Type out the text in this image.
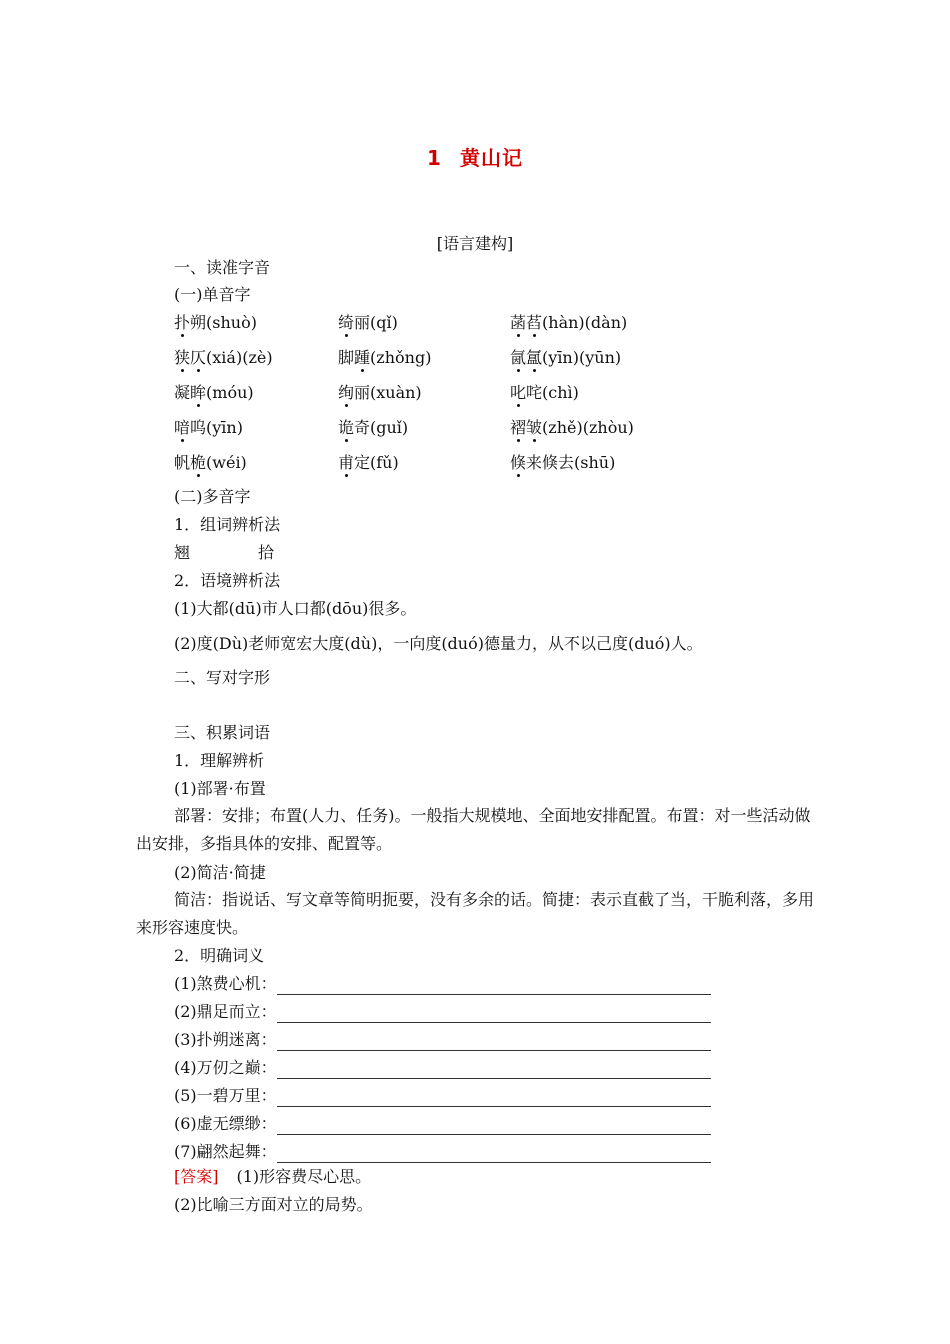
1 黄山记
[语言建构]
一、读准字音
(一)单音字
扑朔(shuò)	绮丽(qǐ)	菡萏(hàn)(dàn)
狭仄(xiá)(zè)	脚踵(zhǒng)	氤氲(yīn)(yūn)
凝眸(móu)	绚丽(xuàn)	叱咤(chì)
喑呜(yīn)	诡奇(guǐ)	褶皱(zhě)(zhòu)
帆桅(wéi)	甫定(fǔ)	倏来倏去(shū)
(二)多音字
1．组词辨析法
翘	拾
2．语境辨析法
(1)大都(dū)市人口都(dōu)很多。
(2)度(Dù)老师宽宏大度(dù)，一向度(duó)德量力，从不以己度(duó)人。
二、写对字形
三、积累词语
1．理解辨析
(1)部署·布置
部署：安排；布置(人力、任务)。一般指大规模地、全面地安排配置。布置：对一些活动做出安排，多指具体的安排、配置等。
(2)简洁·简捷
简洁：指说话、写文章等简明扼要，没有多余的话。简捷：表示直截了当，干脆利落，多用来形容速度快。
2．明确词义
(1)煞费心机：
(2)鼎足而立：
(3)扑朔迷离：
(4)万仞之巅：
(5)一碧万里：
(6)虚无缥缈：
(7)翩然起舞：
[答案] (1)形容费尽心思。
(2)比喻三方面对立的局势。
